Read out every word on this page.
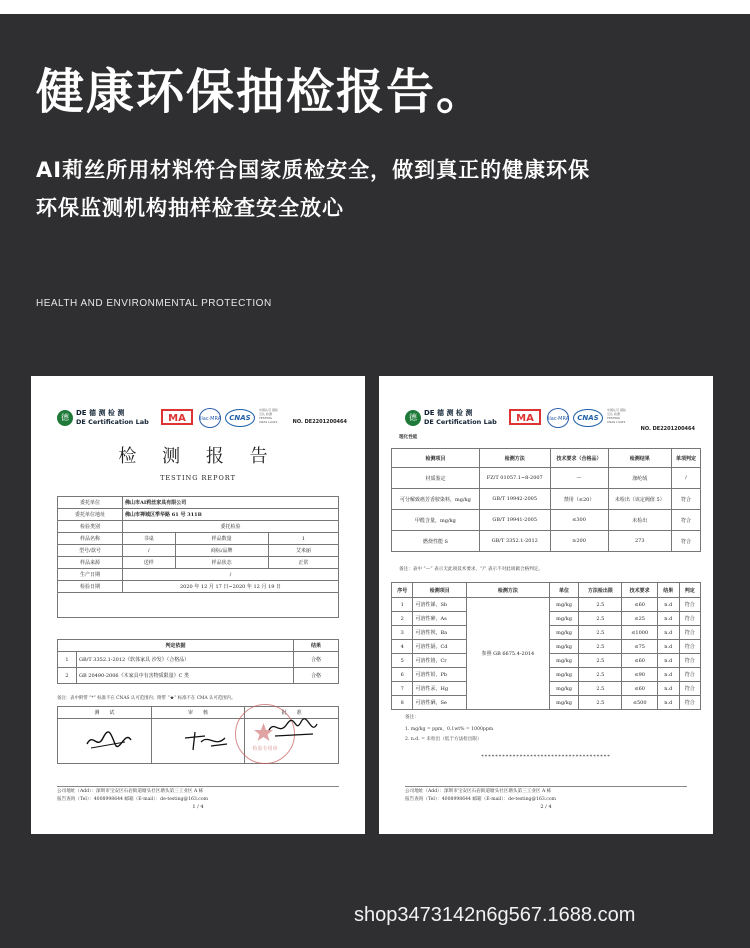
健康环保抽检报告。

AI莉丝所用材料符合国家质检安全，做到真正的健康环保

环保监测机构抽样检查安全放心

HEALTH AND ENVIRONMENTAL PROTECTION
德	DE 德 测 检 测
DE Certification Lab	MA	ilac·MRA	CNAS
中国认可 国际互认 检测 TESTING CNAS L4421	NO. DE2201200464
检 测 报 告
TESTING REPORT
委托单位	佛山市AI莉丝家具有限公司		
委托单位地址	佛山市禅城区季华路 61 号 311B		
检验类别	委托检验		
样品名称	书桌	样品数量	1
型号/款号	/	商标/品牌	艾米丽
样品来源	送样	样品状态	正常
生产日期	/		
检验日期	2020 年 12 月 17 日~2020 年 12 月 19 日		

判定依据		结果
1	GB/T 3352.1-2012《软体家具 沙发》（合格品）	合格
2	GB 20490-2006《木家具中有害物质限量》C 类	合格
备注：表中附带 “*” 标准不在 CNAS 认可范围内；附带 “★” 标准不在 CMA 认可范围内。
测　　试	审　　核	批　　准

检验专用章
公司地址（Add）：深圳市宝安区石岩街道塘头社区塘头第三工业区 A 栋
报告查询（Tel）：4008998644 邮箱（E-mail）：de-testing@163.com
1 / 4
德	DE 德 测 检 测
DE Certification Lab	MA	ilac·MRA	CNAS
中国认可 国际互认 检测 TESTING CNAS L4421
NO. DE2201200464
理化性能
检测项目	检测方法	技术要求（合格品）	检测结果	单项判定
材质鉴定	FZ/T 01057.1~8-2007	—	涤纶绒	/
可分解致癌芳香胺染料，mg/kg	GB/T 19942-2005	禁用（≤20）	未检出（该定阀值 5）	符合
甲醛含量，mg/kg	GB/T 19941-2005	≤300	未检出	符合
燃烧性能 S	GB/T 3352.1-2012	≥200	273	符合
备注：表中 “—” 表示无此项技术要求，“/” 表示不对此项做合格判定。
序号	检测项目	检测方法	单位	方法检出限	技术要求	结果	判定
1	可溶性锑，Sb	参照 GB 6675.4-2014	mg/kg	2.5	≤60	n.d	符合
2	可溶性砷，As		mg/kg	2.5	≤25	n.d	符合
3	可溶性钡，Ba		mg/kg	2.5	≤1000	n.d	符合
4	可溶性镉，Cd		mg/kg	2.5	≤75	n.d	符合
5	可溶性铬，Cr		mg/kg	2.5	≤60	n.d	符合
6	可溶性铅，Pb		mg/kg	2.5	≤90	n.d	符合
7	可溶性汞，Hg		mg/kg	2.5	≤60	n.d	符合
8	可溶性硒，Se		mg/kg	2.5	≤500	n.d	符合
备注：
1. mg/kg = ppm，0.1wt% = 1000ppm
2. n.d. = 未检出（低于方法检出限）
*************************************
公司地址（Add）：深圳市宝安区石岩街道塘头社区塘头第三工业区 A 栋
报告查询（Tel）：4008998644 邮箱（E-mail）：de-testing@163.com
2 / 4
shop3473142n6g567.1688.com
